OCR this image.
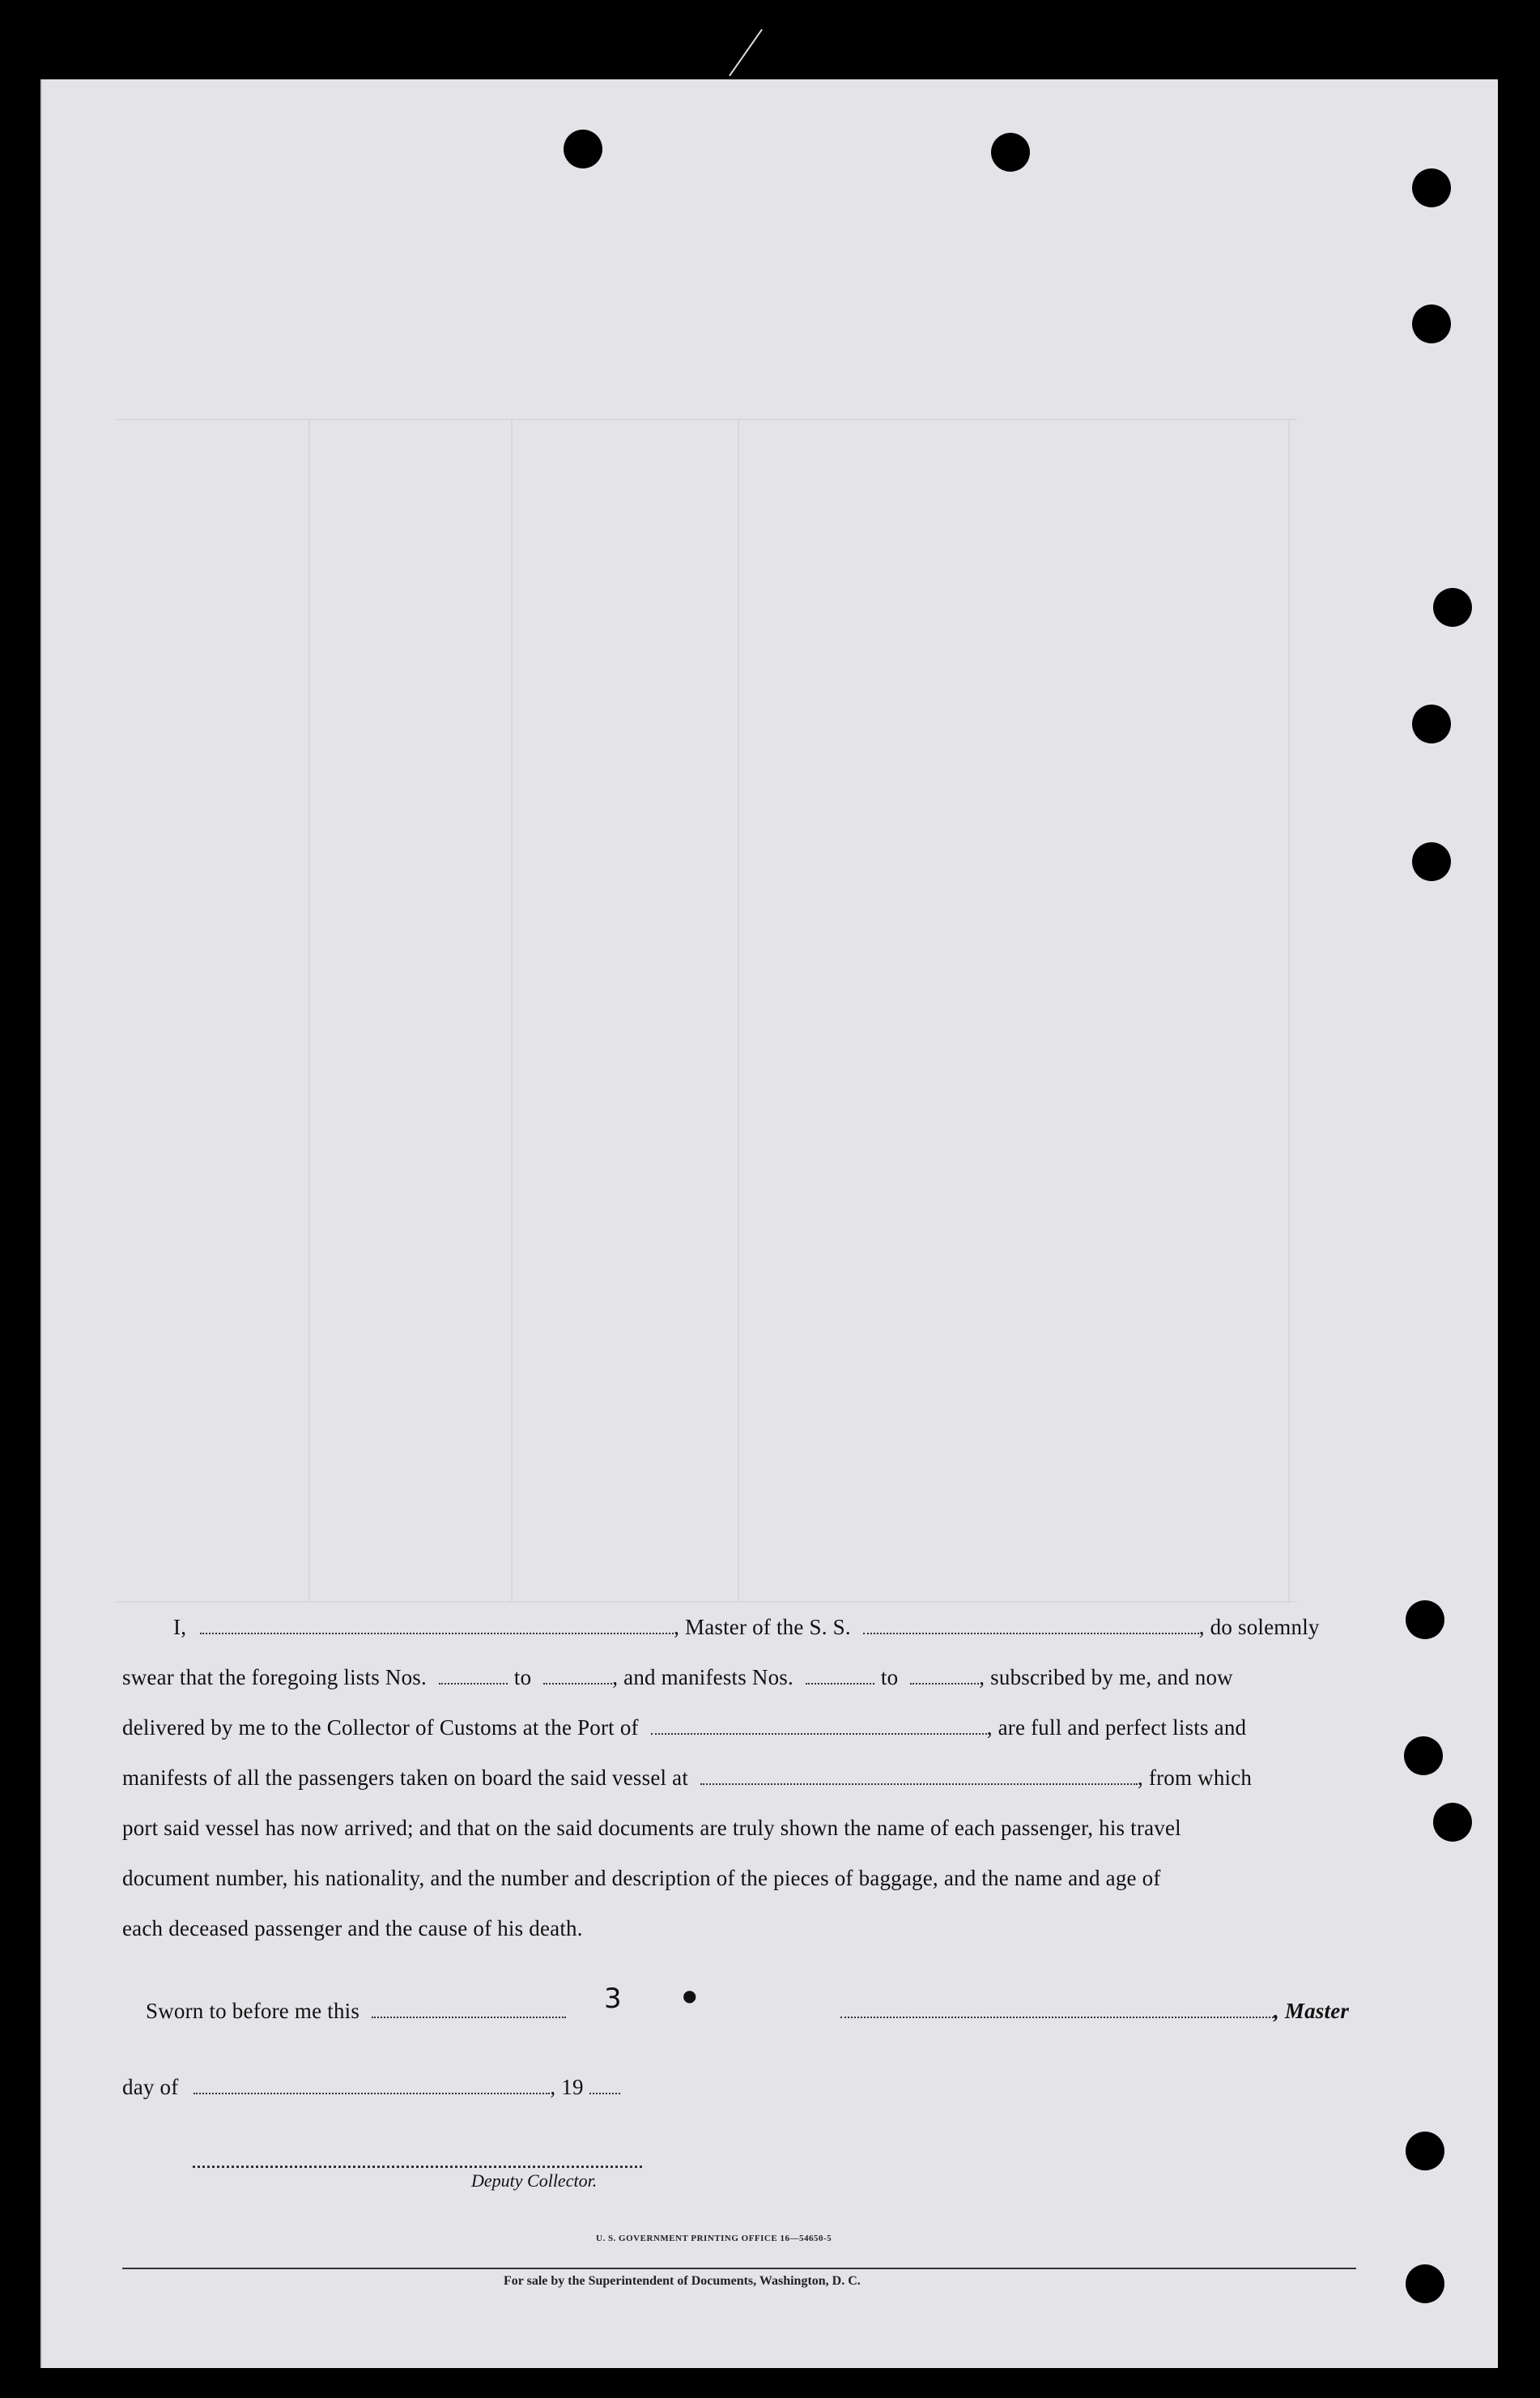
I,	, Master of the S. S.	, do solemnly
swear that the foregoing lists Nos.	to	, and manifests Nos.	to	, subscribed by me, and now
delivered by me to the Collector of Customs at the Port of	, are full and perfect lists and
manifests of all the passengers taken on board the said vessel at	, from which
port said vessel has now arrived; and that on the said documents are truly shown the name of each passenger, his travel
document number, his nationality, and the number and description of the pieces of baggage, and the name and age of
each deceased passenger and the cause of his death.
Sworn to before me this	3	●
, Master
day of	, 19
Deputy Collector.
U. S. GOVERNMENT PRINTING OFFICE 16—54650-5
For sale by the Superintendent of Documents, Washington, D. C.
